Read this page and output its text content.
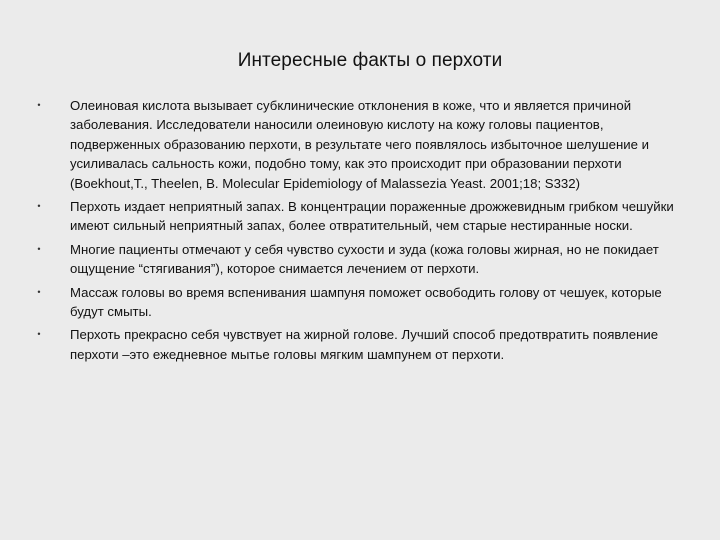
Интересные факты о перхоти
•	Олеиновая кислота вызывает субклинические отклонения в коже, что и является причиной заболевания. Исследователи наносили олеиновую кислоту на кожу головы пациентов, подверженных образованию перхоти, в результате чего появлялось избыточное шелушение и усиливалась сальность кожи, подобно тому, как это происходит при образовании перхоти (Boekhout,T., Theelen, B. Molecular Epidemiology of Malassezia Yeast. 2001;18; S332)
•	Перхоть издает неприятный запах. В концентрации пораженные дрожжевидным грибком чешуйки имеют сильный неприятный запах, более отвратительный, чем старые нестиранные носки.
•	Многие пациенты отмечают у себя чувство сухости и зуда (кожа головы жирная, но не покидает ощущение “стягивания”), которое снимается лечением от перхоти.
•	Массаж головы во время вспенивания шампуня поможет освободить голову от чешуек, которые будут смыты.
•	Перхоть прекрасно себя чувствует на жирной голове. Лучший способ предотвратить появление перхоти –это ежедневное мытье головы мягким шампунем от перхоти.
